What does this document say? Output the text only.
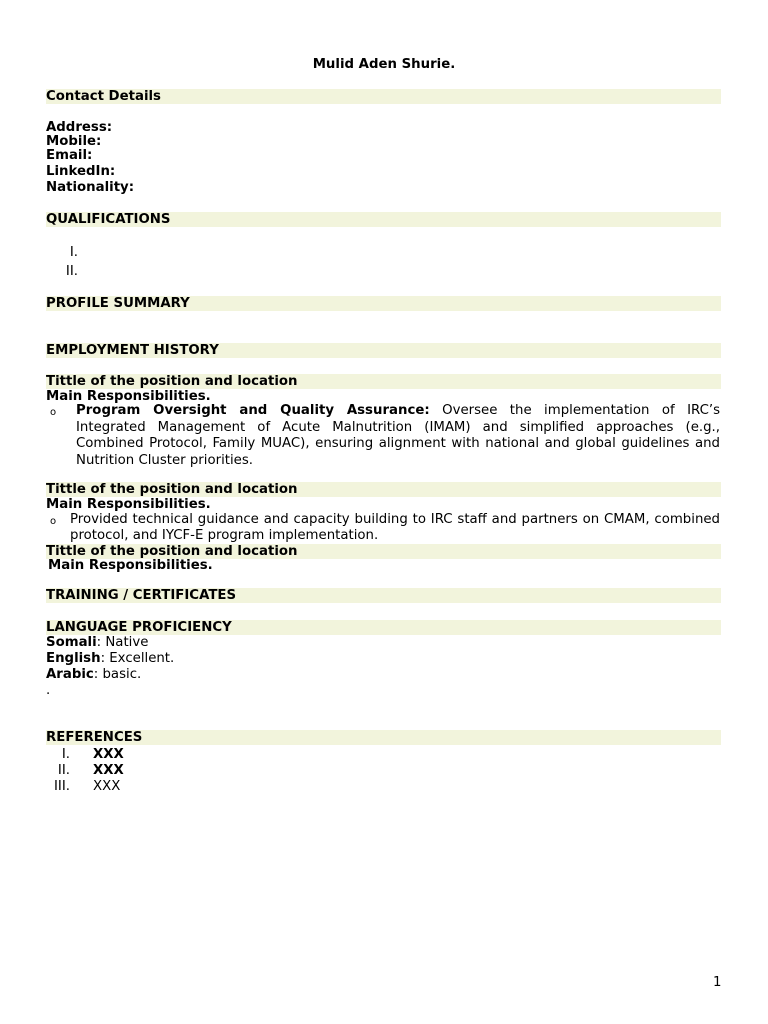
Mulid Aden Shurie.
Contact Details
Address:
Mobile:
Email:
LinkedIn:
Nationality:
QUALIFICATIONS
I.
II.
PROFILE SUMMARY
EMPLOYMENT HISTORY
Tittle of the position and location
Main Responsibilities.
o Program Oversight and Quality Assurance: Oversee the implementation of IRC’s Integrated Management of Acute Malnutrition (IMAM) and simplified approaches (e.g., Combined Protocol, Family MUAC), ensuring alignment with national and global guidelines and Nutrition Cluster priorities.
Tittle of the position and location
Main Responsibilities.
o Provided technical guidance and capacity building to IRC staff and partners on CMAM, combined protocol, and IYCF-E program implementation.
Tittle of the position and location
Main Responsibilities.
TRAINING / CERTIFICATES
LANGUAGE PROFICIENCY
Somali: Native
English: Excellent.
Arabic: basic.
.
REFERENCES
I. XXX
II. XXX
III. XXX
1
